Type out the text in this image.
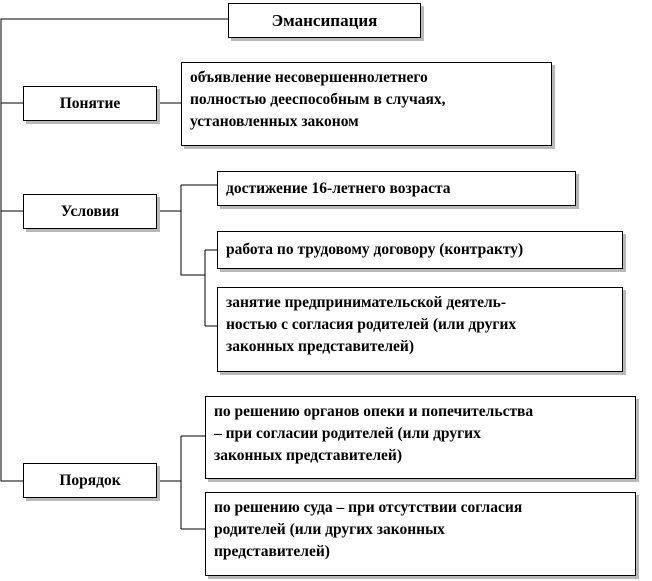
Эмансипация
Понятие
Условия
Порядок
объявление несовершеннолетнего
полностью дееспособным в случаях,
установленных законом
достижение 16-летнего возраста
работа по трудовому договору (контракту)
занятие предпринимательской деятель-
ностью с согласия родителей (или других
законных представителей)
по решению органов опеки и попечительства
– при согласии родителей (или других
законных представителей)
по решению суда – при отсутствии согласия
родителей (или других законных
представителей)
